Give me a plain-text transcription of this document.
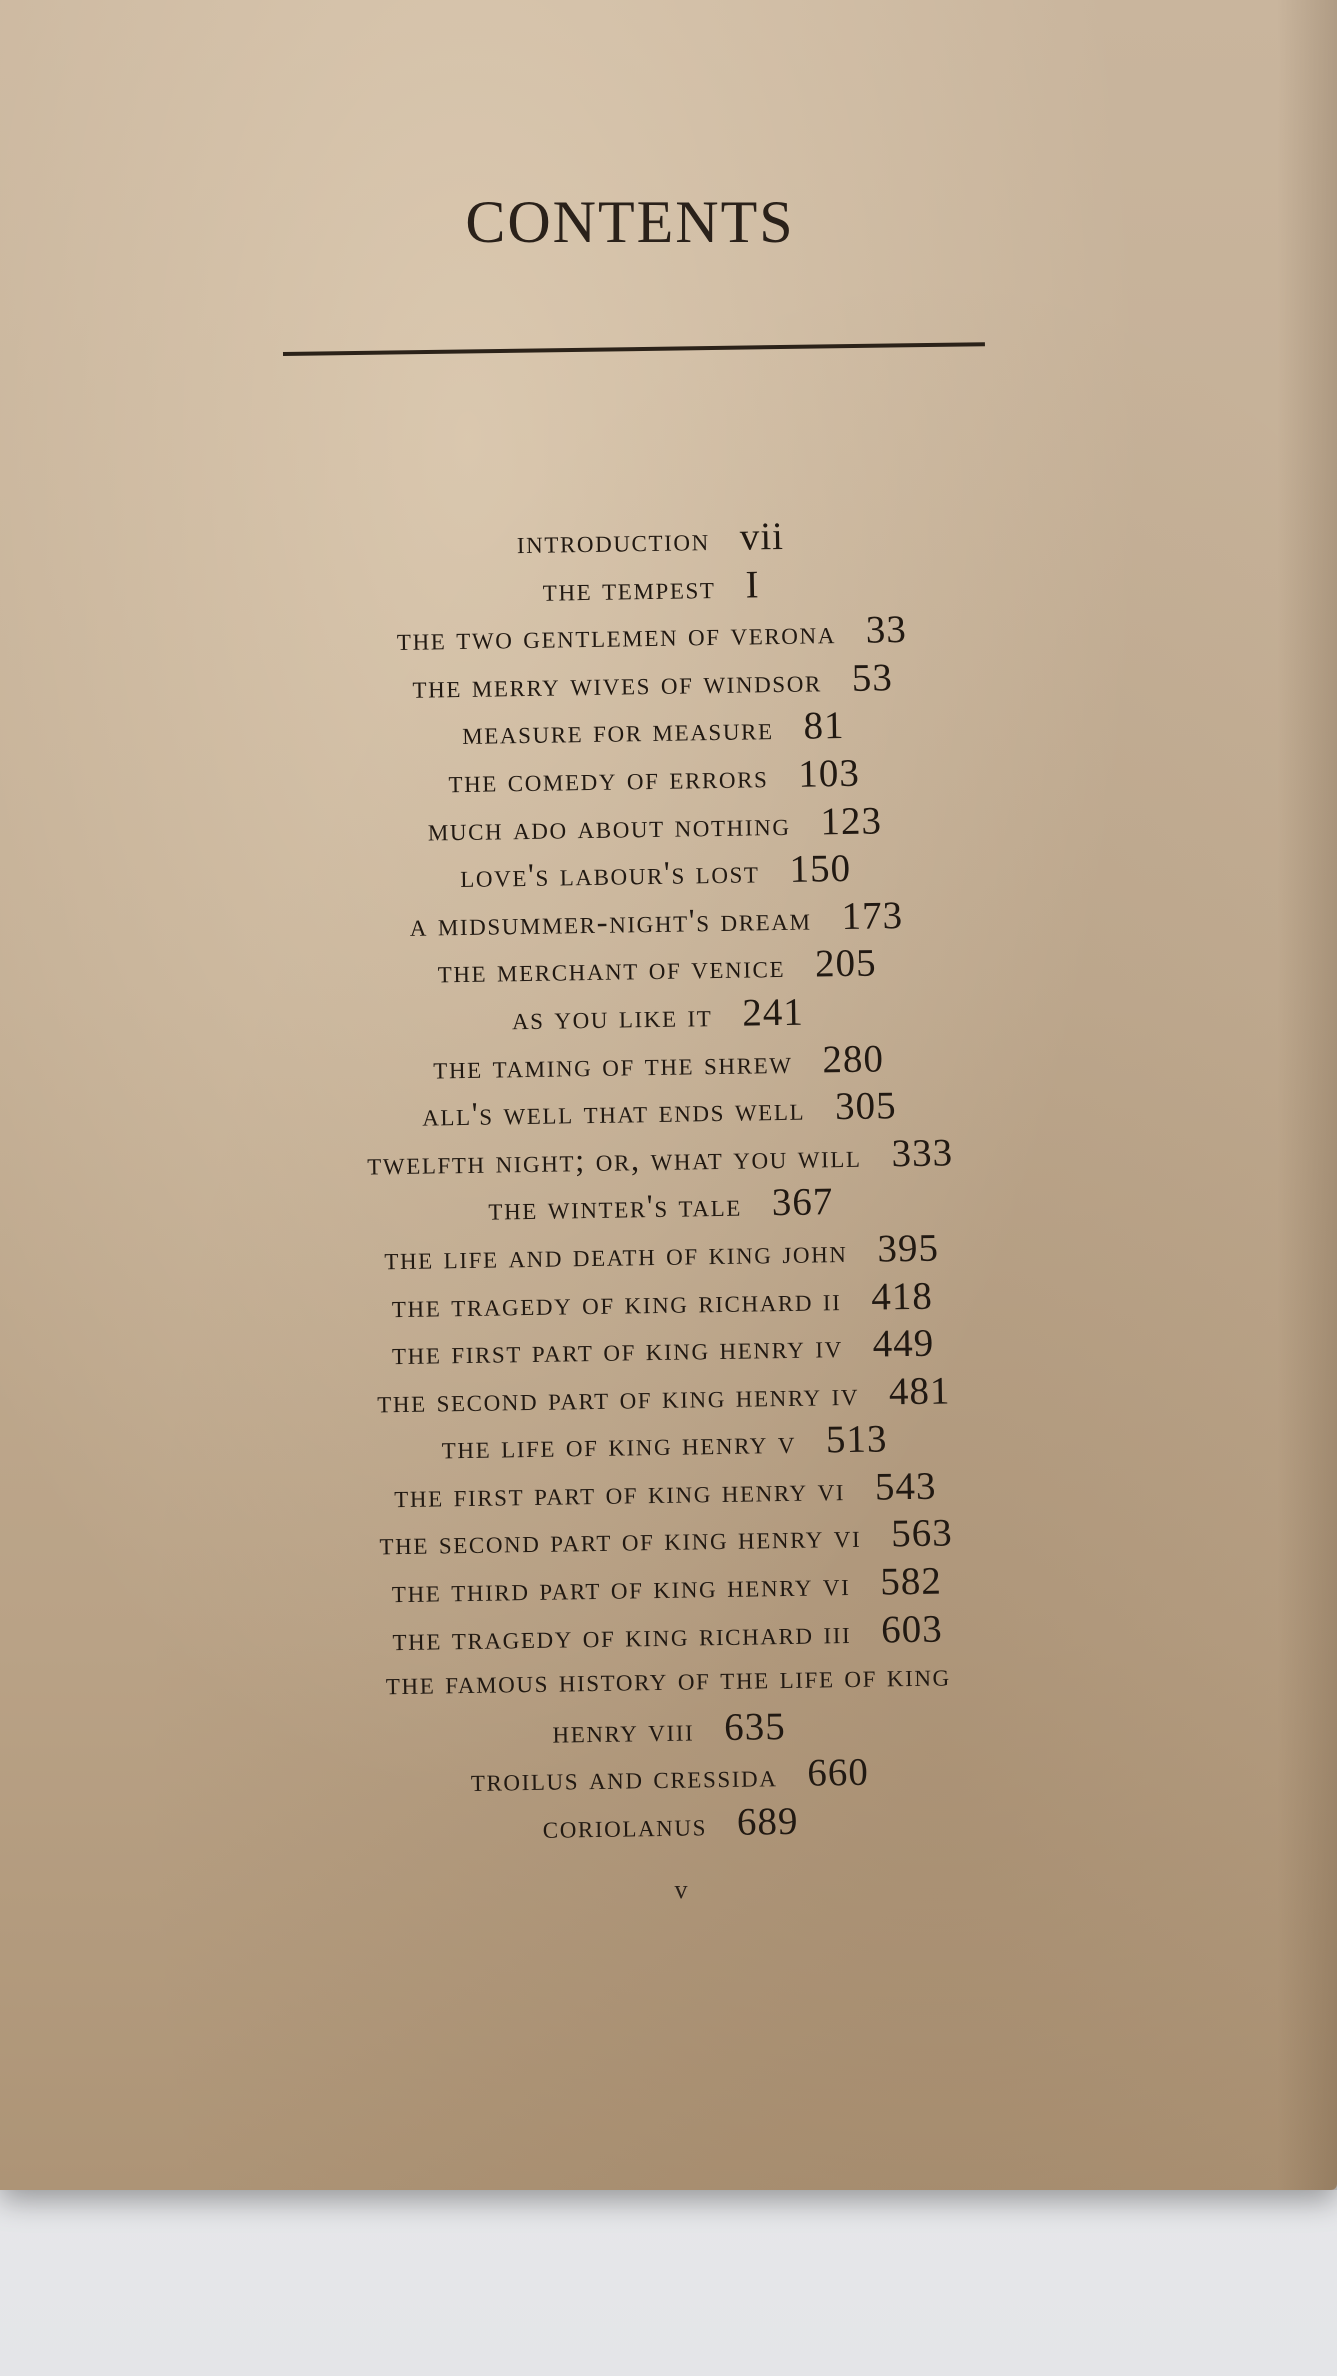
CONTENTS
introduction vii
the tempest I
the two gentlemen of verona 33
the merry wives of windsor 53
measure for measure 81
the comedy of errors 103
much ado about nothing 123
love's labour's lost 150
a midsummer-night's dream 173
the merchant of venice 205
as you like it 241
the taming of the shrew 280
all's well that ends well 305
twelfth night; or, what you will 333
the winter's tale 367
the life and death of king john 395
the tragedy of king richard ii 418
the first part of king henry iv 449
the second part of king henry iv 481
the life of king henry v 513
the first part of king henry vi 543
the second part of king henry vi 563
the third part of king henry vi 582
the tragedy of king richard iii 603
the famous history of the life of king
henry viii 635
troilus and cressida 660
coriolanus 689
v
